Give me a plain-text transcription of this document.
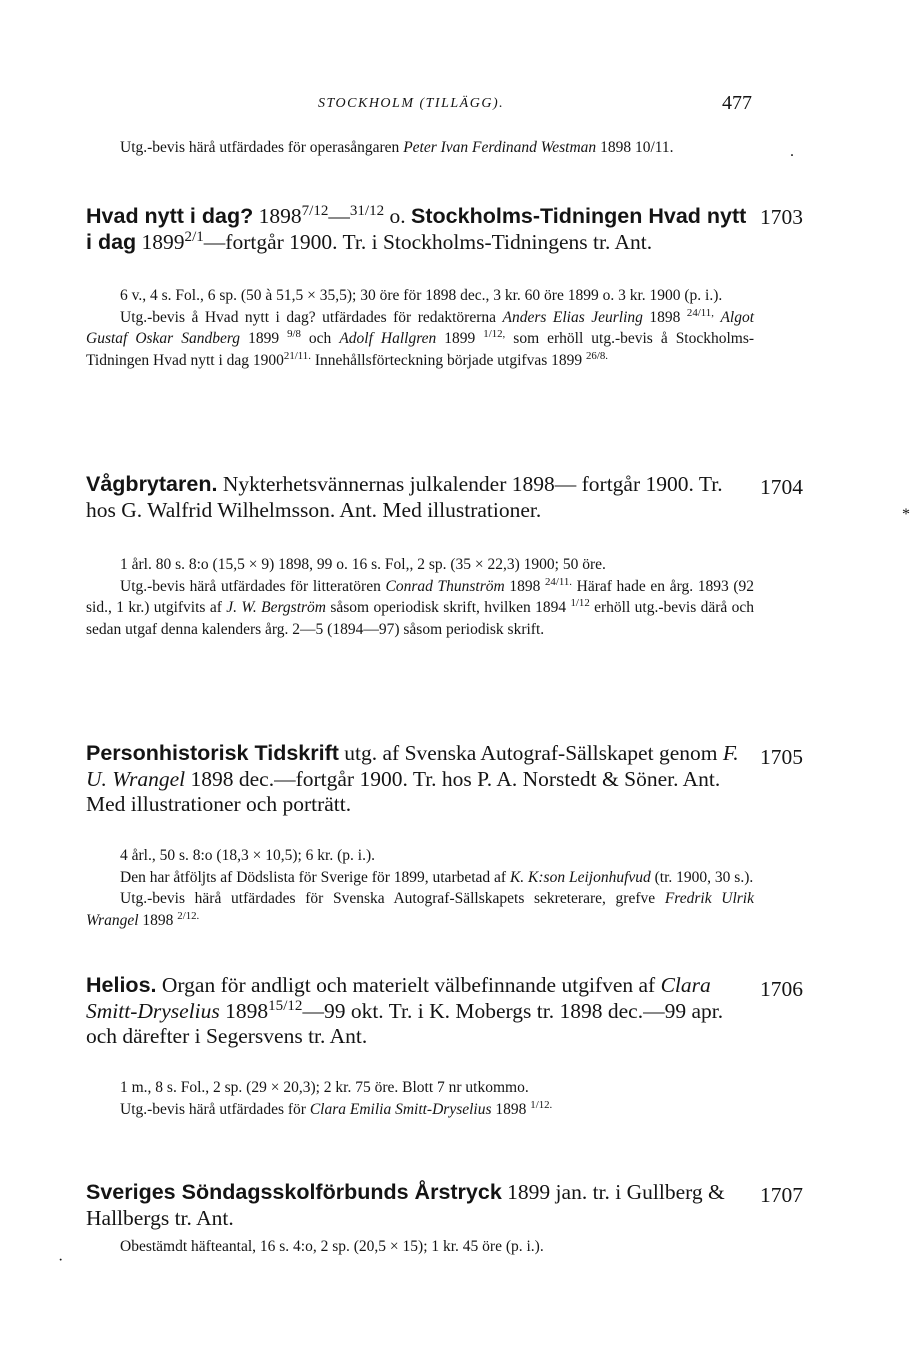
STOCKHOLM (TILLÄGG).	477
Utg.-bevis härå utfärdades för operasångaren Peter Ivan Ferdinand Westman 1898 10/11.	.
1703
Hvad nytt i dag? $1898^{7/12}—^{31/12}$ o. Stockholms-Tidningen Hvad nytt i dag $1899^{2/1}—fortgår$ 1900. Tr. i Stockholms-Tidningens tr. Ant.
6 v., 4 s. Fol., 6 sp. (50 à 51,5 × 35,5); 30 öre för 1898 dec., 3 kr. 60 öre 1899 o. 3 kr. 1900 (p. i.).
Utg.-bevis å Hvad nytt i dag? utfärdades för redaktörerna Anders Elias Jeurling 1898 $^{24/11,}$ Algot Gustaf Oskar Sandberg 1899 $^{9/8}$ och Adolf Hallgren 1899 $^{1/12,}$ som erhöll utg.-bevis å Stockholms-Tidningen Hvad nytt i dag $1900^{21/11.}$ Innehållsförteckning började utgifvas 1899 $^{26/8.}$
1704
*
Vågbrytaren. Nykterhetsvännernas julkalender 1898— fortgår 1900. Tr. hos G. Walfrid Wilhelmsson. Ant. Med illustrationer.
1 årl. 80 s. 8:o (15,5 × 9) 1898, 99 o. 16 s. Fol,, 2 sp. (35 × 22,3) 1900; 50 öre.
Utg.-bevis härå utfärdades för litteratören Conrad Thunström 1898 $^{24/11.}$ Häraf hade en årg. 1893 (92 sid., 1 kr.) utgifvits af J. W. Bergström såsom operiodisk skrift, hvilken 1894 $^{1/12}$ erhöll utg.-bevis därå och sedan utgaf denna kalenders årg. 2—5 (1894—97) såsom periodisk skrift.
1705
Personhistorisk Tidskrift utg. af Svenska Autograf-Sällskapet genom F. U. Wrangel 1898 dec.—fortgår 1900. Tr. hos P. A. Norstedt & Söner. Ant. Med illustrationer och porträtt.
4 årl., 50 s. 8:o (18,3 × 10,5); 6 kr. (p. i.).
Den har åtföljts af Dödslista för Sverige för 1899, utarbetad af K. K:son Leijonhufvud (tr. 1900, 30 s.).
Utg.-bevis härå utfärdades för Svenska Autograf-Sällskapets sekreterare, grefve Fredrik Ulrik Wrangel 1898 $^{2/12.}$
1706
Helios. Organ för andligt och materielt välbefinnande utgifven af Clara Smitt-Dryselius $1898^{15/12}—99$ okt. Tr. i K. Mobergs tr. 1898 dec.—99 apr. och därefter i Segersvens tr. Ant.
1 m., 8 s. Fol., 2 sp. (29 × 20,3); 2 kr. 75 öre. Blott 7 nr utkommo.
Utg.-bevis härå utfärdades för Clara Emilia Smitt-Dryselius 1898 $^{1/12.}$
1707
Sveriges Söndagsskolförbunds Årstryck 1899 jan. tr. i Gullberg & Hallbergs tr. Ant.
Obestämdt häfteantal, 16 s. 4:o, 2 sp. (20,5 × 15); 1 kr. 45 öre (p. i.).
·
